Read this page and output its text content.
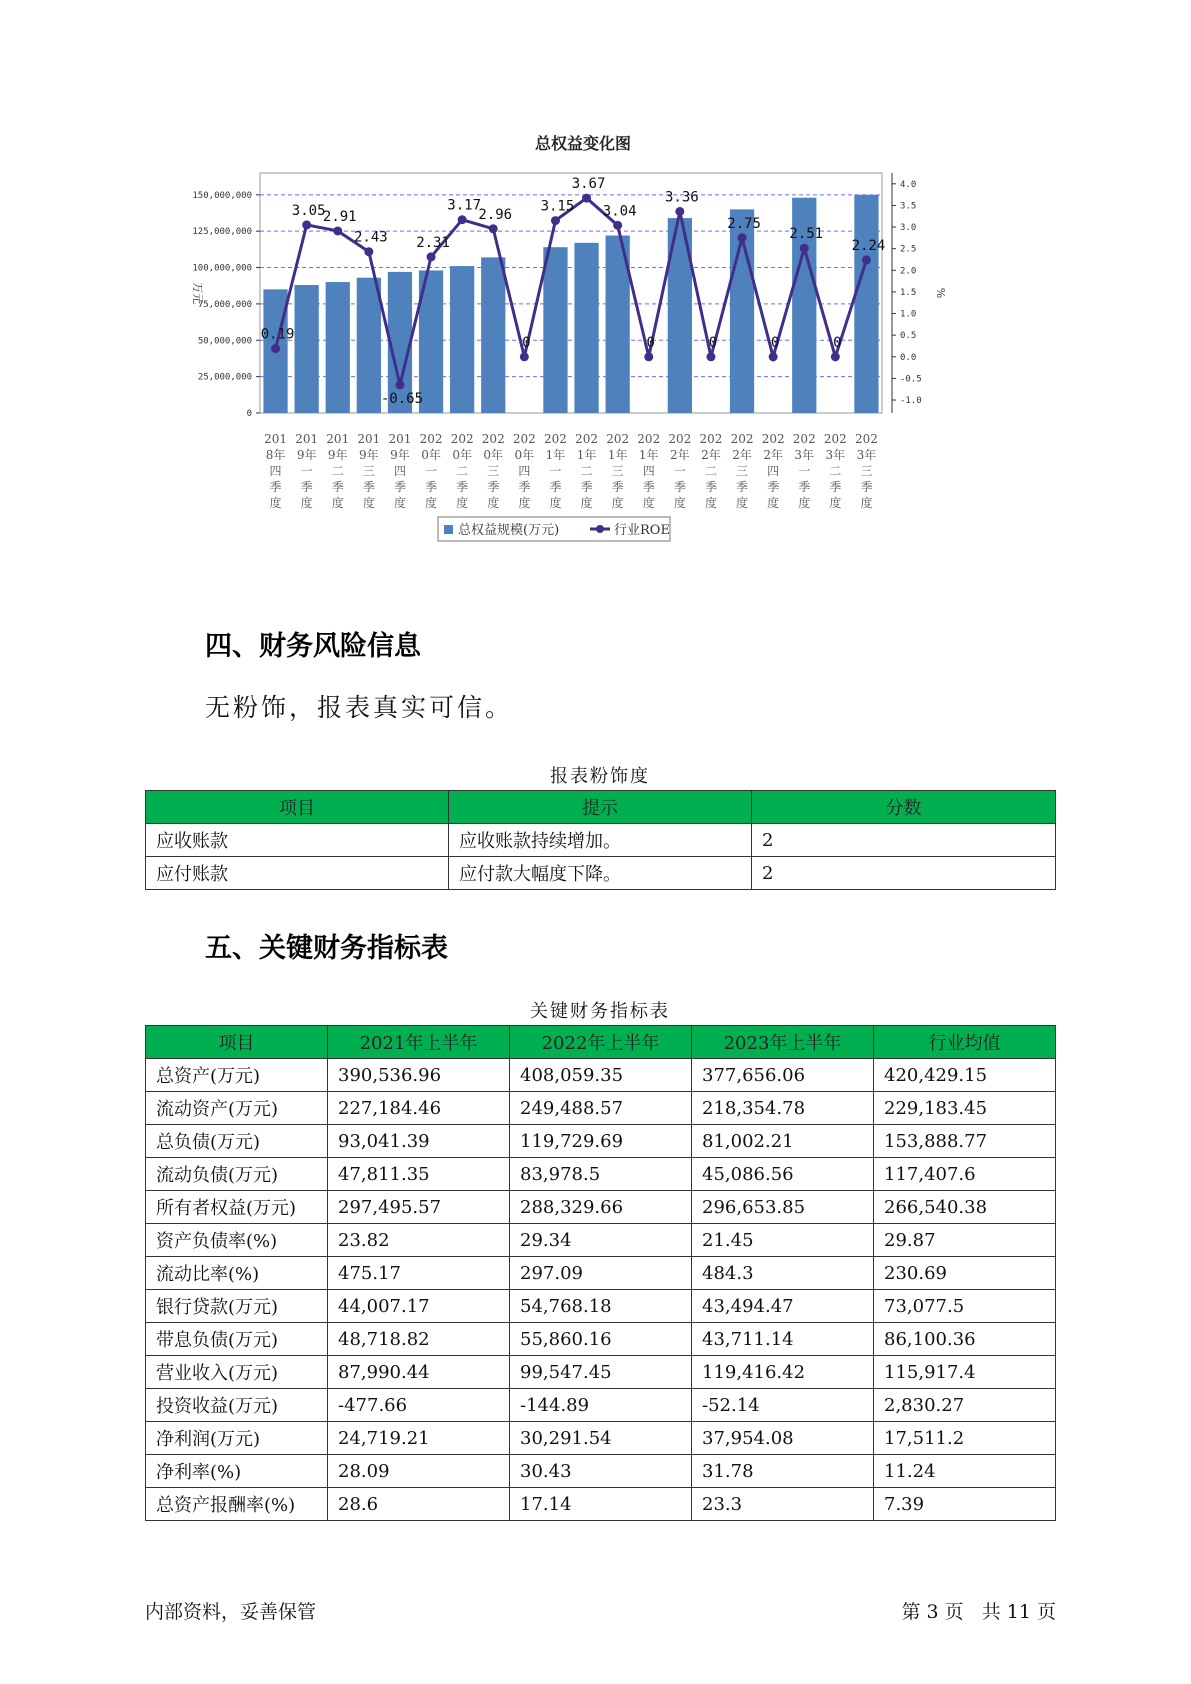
总权益变化图
0
25,000,000
50,000,000
75,000,000
100,000,000
125,000,000
150,000,000
万元
-1.0
-0.5
0.0
0.5
1.0
1.5
2.0
2.5
3.0
3.5
4.0
%
0.19
3.05
2.91
2.43
-0.65
2.31
3.17
2.96
0
3.15
3.67
3.04
0
3.36
0
2.75
0
2.51
0
2.24
201 8年四季度
201 9年一季度
201 9年二季度
201 9年三季度
201 9年四季度
202 0年一季度
202 0年二季度
202 0年三季度
202 0年四季度
202 1年一季度
202 1年二季度
202 1年三季度
202 1年四季度
202 2年一季度
202 2年二季度
202 2年三季度
202 2年四季度
202 3年一季度
202 3年二季度
202 3年三季度
总权益规模(万元)	行业ROE
四、财务风险信息

无粉饰，报表真实可信。

报表粉饰度
项目	提示	分数
应收账款	应收账款持续增加。	2
应付账款	应付款大幅度下降。	2
五、关键财务指标表
关键财务指标表
项目	2021年上半年	2022年上半年	2023年上半年	行业均值
总资产(万元)	390,536.96	408,059.35	377,656.06	420,429.15
流动资产(万元)	227,184.46	249,488.57	218,354.78	229,183.45
总负债(万元)	93,041.39	119,729.69	81,002.21	153,888.77
流动负债(万元)	47,811.35	83,978.5	45,086.56	117,407.6
所有者权益(万元)	297,495.57	288,329.66	296,653.85	266,540.38
资产负债率(%)	23.82	29.34	21.45	29.87
流动比率(%)	475.17	297.09	484.3	230.69
银行贷款(万元)	44,007.17	54,768.18	43,494.47	73,077.5
带息负债(万元)	48,718.82	55,860.16	43,711.14	86,100.36
营业收入(万元)	87,990.44	99,547.45	119,416.42	115,917.4
投资收益(万元)	-477.66	-144.89	-52.14	2,830.27
净利润(万元)	24,719.21	30,291.54	37,954.08	17,511.2
净利率(%)	28.09	30.43	31.78	11.24
总资产报酬率(%)	28.6	17.14	23.3	7.39
内部资料，妥善保管	第 3 页   共 11 页
